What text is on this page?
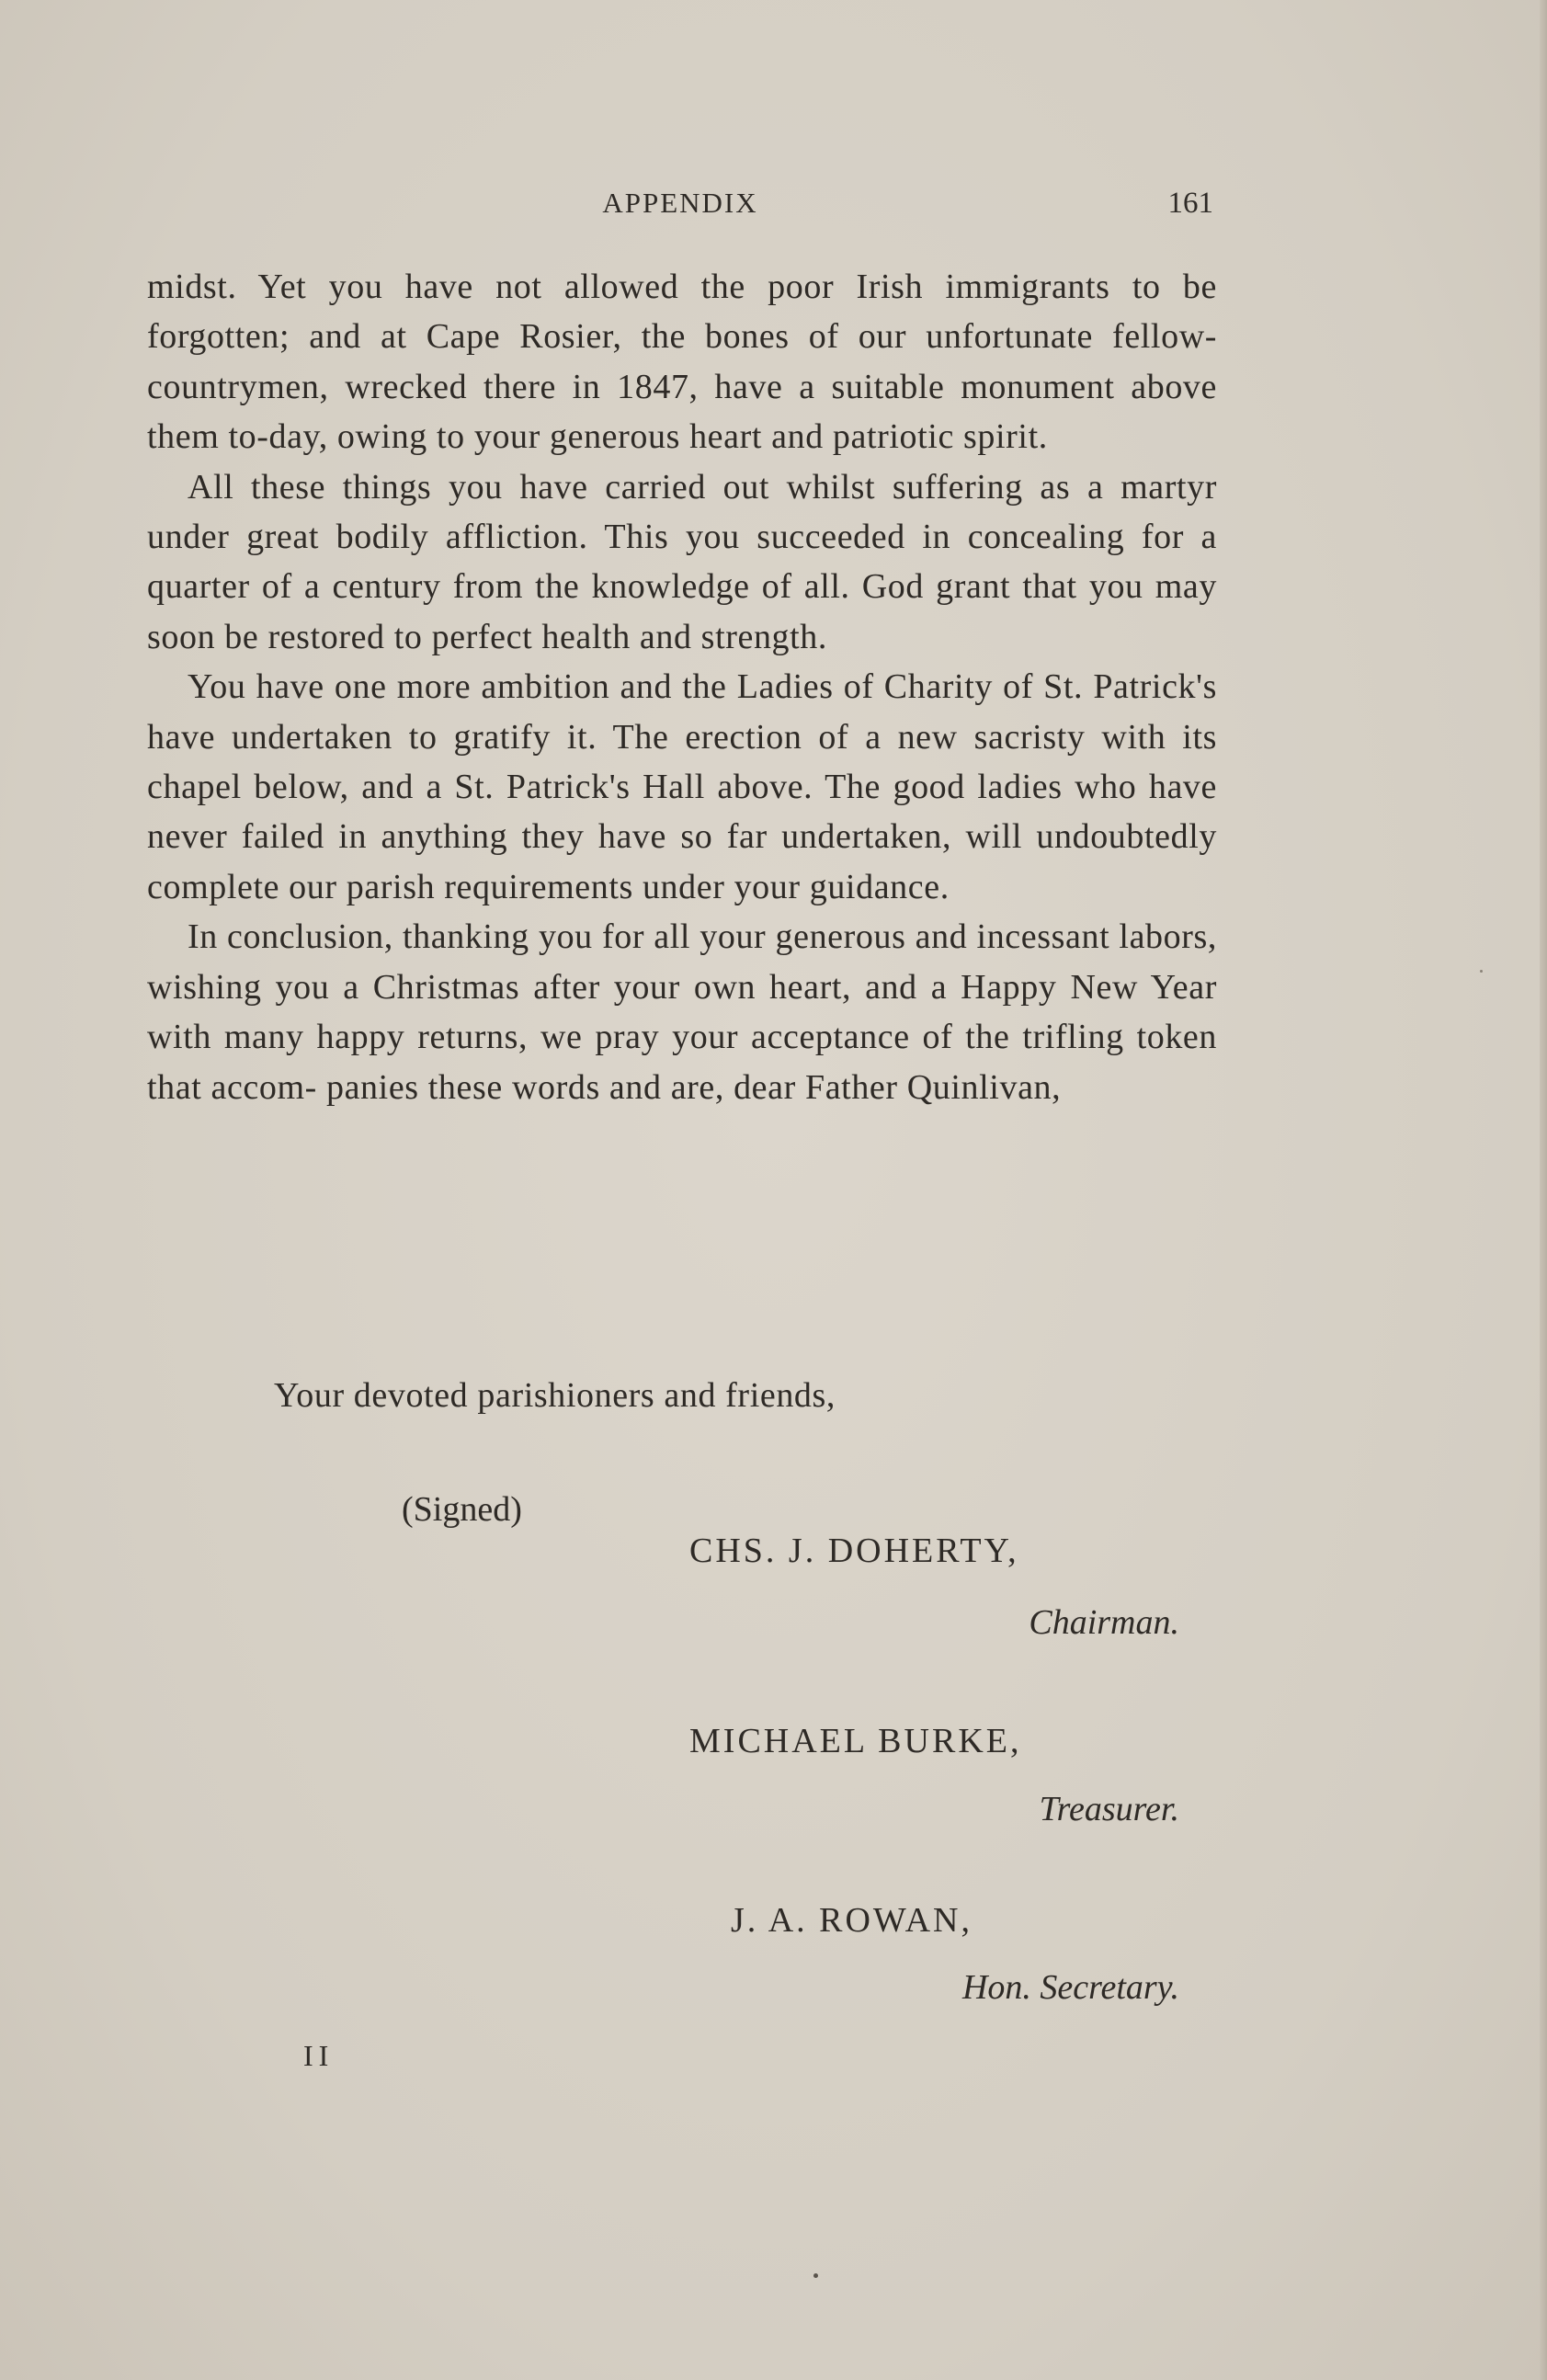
APPENDIX	161

midst. Yet you have not allowed the poor Irish immigrants to be forgotten; and at Cape Rosier, the bones of our unfortunate fellow-countrymen, wrecked there in 1847, have a suitable monument above them to-day, owing to your generous heart and patriotic spirit.

All these things you have carried out whilst suffering as a martyr under great bodily affliction. This you succeeded in concealing for a quarter of a century from the knowledge of all. God grant that you may soon be restored to perfect health and strength.

You have one more ambition and the Ladies of Charity of St. Patrick's have undertaken to gratify it. The erection of a new sacristy with its chapel below, and a St. Patrick's Hall above. The good ladies who have never failed in anything they have so far undertaken, will undoubtedly complete our parish requirements under your guidance.

In conclusion, thanking you for all your generous and incessant labors, wishing you a Christmas after your own heart, and a Happy New Year with many happy returns, we pray your acceptance of the trifling token that accom- panies these words and are, dear Father Quinlivan,

Your devoted parishioners and friends,
(Signed)
CHS. J. DOHERTY,
Chairman.
MICHAEL BURKE,
Treasurer.
J. A. ROWAN,
Hon. Secretary.
II
